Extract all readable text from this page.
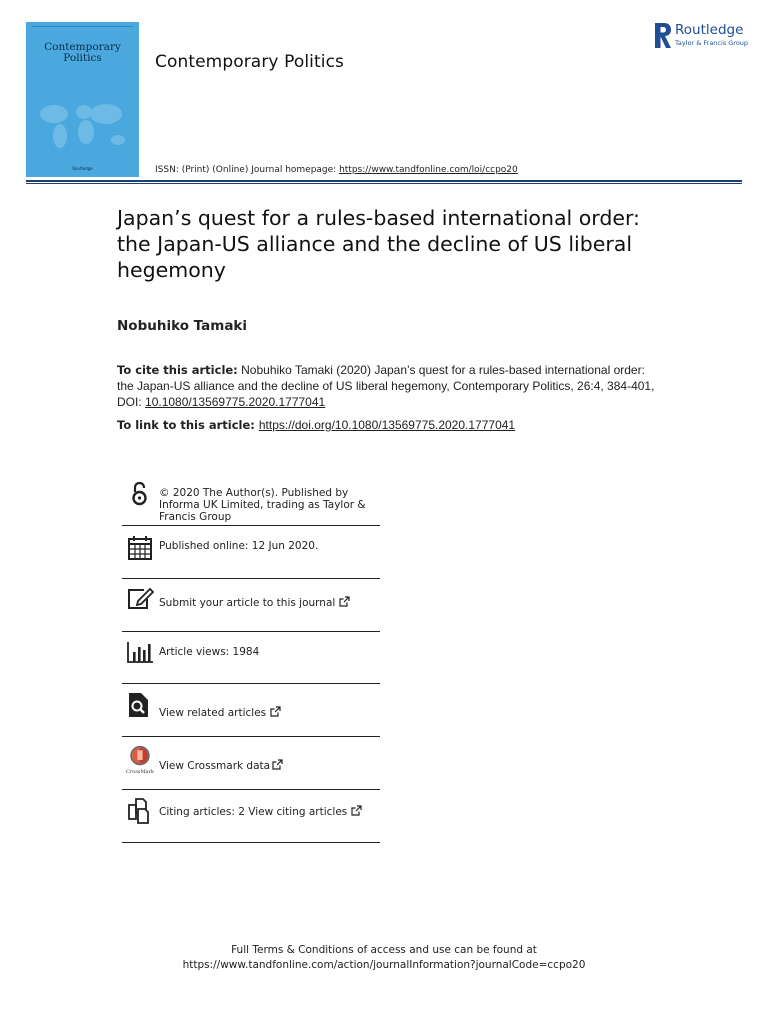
Contemporary
Politics
Routledge
Contemporary Politics
ISSN: (Print) (Online) Journal homepage: https://www.tandfonline.com/loi/ccpo20
Routledge
Taylor & Francis Group
Japan’s quest for a rules-based international order: the Japan-US alliance and the decline of US liberal hegemony
Nobuhiko Tamaki
To cite this article: Nobuhiko Tamaki (2020) Japan’s quest for a rules-based international order: the Japan-US alliance and the decline of US liberal hegemony, Contemporary Politics, 26:4, 384-401, DOI: 10.1080/13569775.2020.1777041
To link to this article: https://doi.org/10.1080/13569775.2020.1777041
© 2020 The Author(s). Published by Informa UK Limited, trading as Taylor & Francis Group
Published online: 12 Jun 2020.
Submit your article to this journal
Article views: 1984
View related articles
CrossMark View Crossmark data
Citing articles: 2 View citing articles
Full Terms & Conditions of access and use can be found at
https://www.tandfonline.com/action/journalInformation?journalCode=ccpo20
